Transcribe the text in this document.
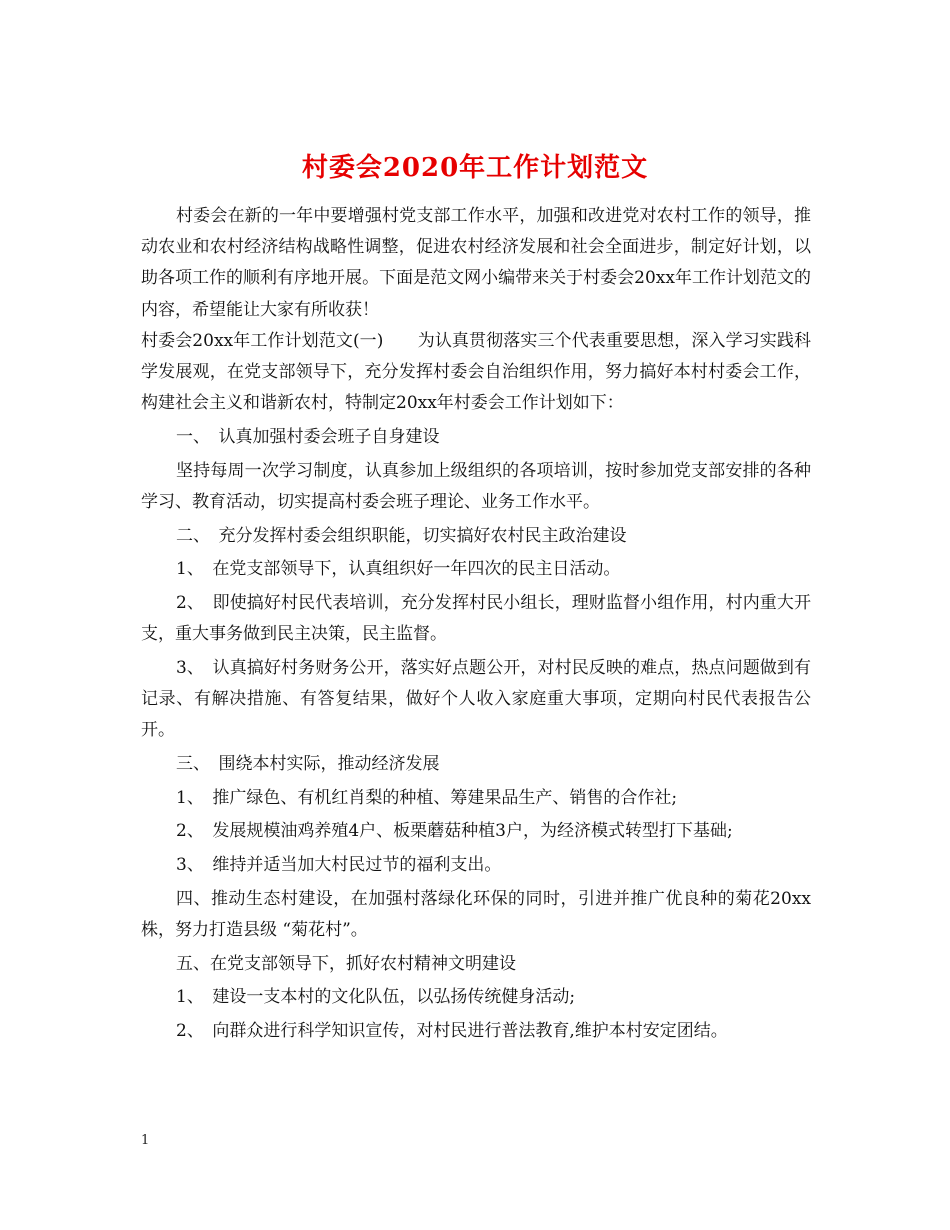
村委会2020年工作计划范文

村委会在新的一年中要增强村党支部工作水平，加强和改进党对农村工作的领导，推动农业和农村经济结构战略性调整，促进农村经济发展和社会全面进步，制定好计划，以助各项工作的顺利有序地开展。下面是范文网小编带来关于村委会20xx年工作计划范文的内容，希望能让大家有所收获！

村委会20xx年工作计划范文(一)　　为认真贯彻落实三个代表重要思想，深入学习实践科学发展观，在党支部领导下，充分发挥村委会自治组织作用，努力搞好本村村委会工作，构建社会主义和谐新农村，特制定20xx年村委会工作计划如下：

一、　认真加强村委会班子自身建设

坚持每周一次学习制度，认真参加上级组织的各项培训，按时参加党支部安排的各种学习、教育活动，切实提高村委会班子理论、业务工作水平。

二、　充分发挥村委会组织职能，切实搞好农村民主政治建设

1、　在党支部领导下，认真组织好一年四次的民主日活动。

2、　即使搞好村民代表培训，充分发挥村民小组长，理财监督小组作用，村内重大开支，重大事务做到民主决策，民主监督。

3、　认真搞好村务财务公开，落实好点题公开，对村民反映的难点，热点问题做到有记录、有解决措施、有答复结果，做好个人收入家庭重大事项，定期向村民代表报告公开。

三、　围绕本村实际，推动经济发展

1、　推广绿色、有机红肖梨的种植、筹建果品生产、销售的合作社;

2、　发展规模油鸡养殖4户、板栗蘑菇种植3户，为经济模式转型打下基础;

3、　维持并适当加大村民过节的福利支出。

四、推动生态村建设，在加强村落绿化环保的同时，引进并推广优良种的菊花20xx株，努力打造县级 “菊花村”。

五、在党支部领导下，抓好农村精神文明建设

1、　建设一支本村的文化队伍，以弘扬传统健身活动;

2、　向群众进行科学知识宣传，对村民进行普法教育,维护本村安定团结。

1
